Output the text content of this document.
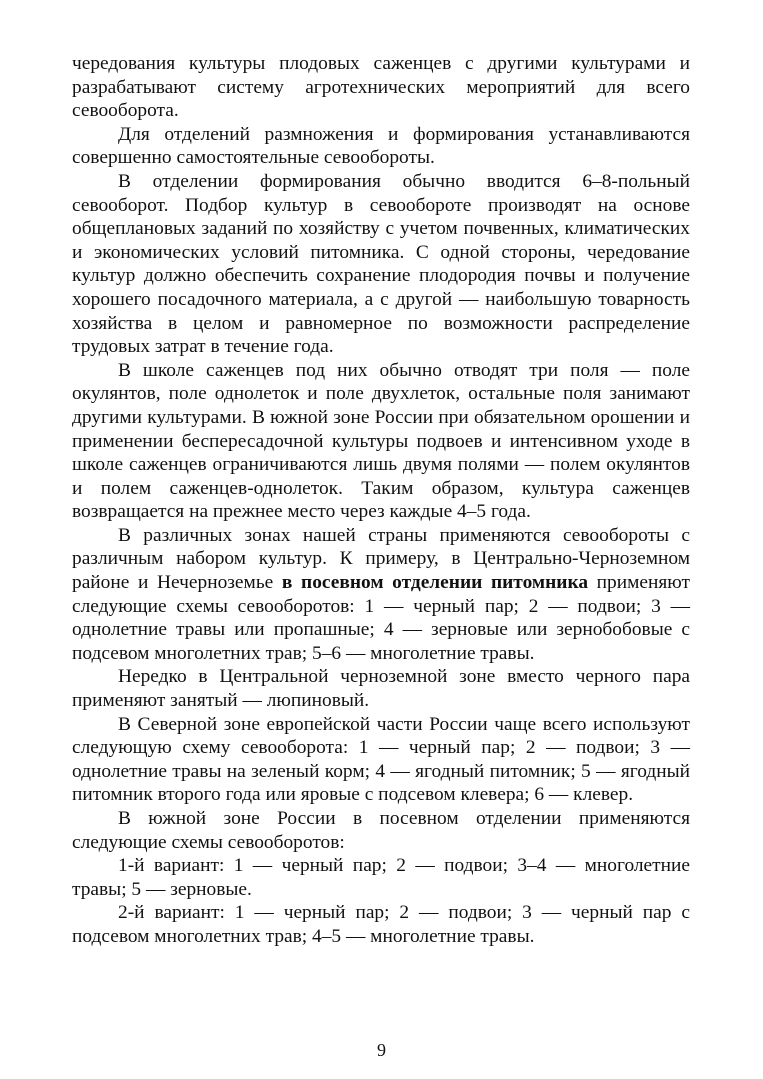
чередования культуры плодовых саженцев с другими культурами и разрабатывают систему агротехнических мероприятий для всего севооборота.

Для отделений размножения и формирования устанавливаются совершенно самостоятельные севообороты.

В отделении формирования обычно вводится 6–8-польный севооборот. Подбор культур в севообороте производят на основе общеплановых заданий по хозяйству с учетом почвенных, климатических и экономических условий питомника. С одной стороны, чередование культур должно обеспечить сохранение плодородия почвы и получение хорошего посадочного материала, а с другой — наибольшую товарность хозяйства в целом и равномерное по возможности распределение трудовых затрат в течение года.

В школе саженцев под них обычно отводят три поля — поле окулянтов, поле однолеток и поле двухлеток, остальные поля занимают другими культурами. В южной зоне России при обязательном орошении и применении беспересадочной культуры подвоев и интенсивном уходе в школе саженцев ограничиваются лишь двумя полями — полем окулянтов и полем саженцев-однолеток. Таким образом, культура саженцев возвращается на прежнее место через каждые 4–5 года.

В различных зонах нашей страны применяются севообороты с различным набором культур. К примеру, в Центрально-Черноземном районе и Нечерноземье в посевном отделении питомника применяют следующие схемы севооборотов: 1 — черный пар; 2 — подвои; 3 — однолетние травы или пропашные; 4 — зерновые или зернобобовые с подсевом многолетних трав; 5–6 — многолетние травы.

Нередко в Центральной черноземной зоне вместо черного пара применяют занятый — люпиновый.

В Северной зоне европейской части России чаще всего используют следующую схему севооборота: 1 — черный пар; 2 — подвои; 3 — однолетние травы на зеленый корм; 4 — ягодный питомник; 5 — ягодный питомник второго года или яровые с подсевом клевера; 6 — клевер.

В южной зоне России в посевном отделении применяются следующие схемы севооборотов:

1-й вариант: 1 — черный пар; 2 — подвои; 3–4 — многолетние травы; 5 — зерновые.

2-й вариант: 1 — черный пар; 2 — подвои; 3 — черный пар с подсевом многолетних трав; 4–5 — многолетние травы.

9
